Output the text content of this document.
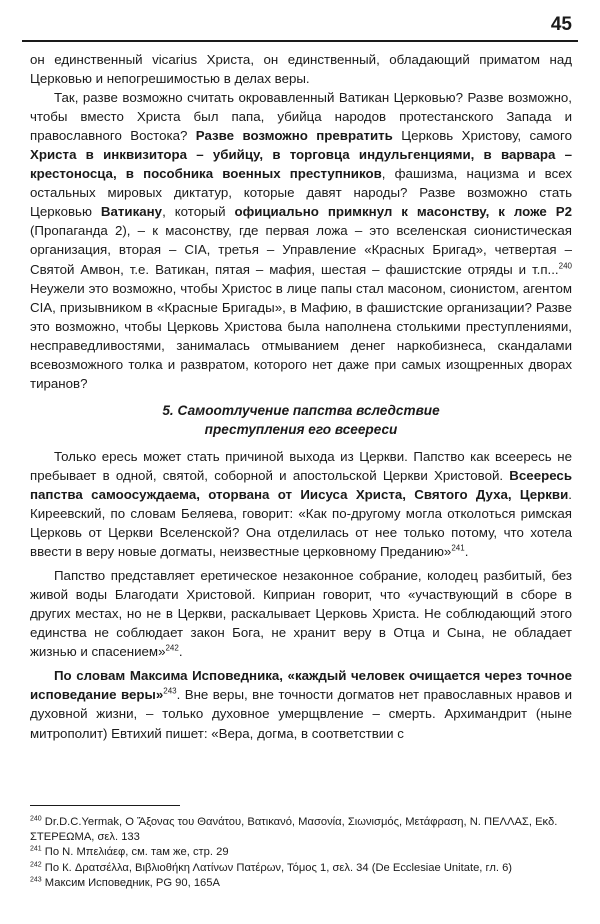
45

он единственный vicarius Христа, он единственный, обладающий приматом над Церковью и непогрешимостью в делах веры.

Так, разве возможно считать окровавленный Ватикан Церковью? Разве возможно, чтобы вместо Христа был папа, убийца народов протестанского Запада и православного Востока? Разве возможно превратить Церковь Христову, самого Христа в инквизитора – убийцу, в торговца индульгенциями, в варвара – крестоносца, в пособника военных преступников, фашизма, нацизма и всех остальных мировых диктатур, которые давят народы? Разве возможно стать Церковью Ватикану, который официально примкнул к масонству, к ложе Р2 (Пропаганда 2), – к масонству, где первая ложа – это вселенская сионистическая организация, вторая – CIA, третья – Управление «Красных Бригад», четвертая – Святой Амвон, т.е. Ватикан, пятая – мафия, шестая – фашистские отряды и т.п...$^{240}$ Неужели это возможно, чтобы Христос в лице папы стал масоном, сионистом, агентом CIA, призывником в «Красные Бригады», в Мафию, в фашистские организации? Разве это возможно, чтобы Церковь Христова была наполнена столькими преступлениями, несправедливостями, занималась отмыванием денег наркобизнеса, скандалами всевозможного толка и развратом, которого нет даже при самых изощренных дворах тиранов?

5. Самоотлучение папства вследствие
преступления его всеереси

Только ересь может стать причиной выхода из Церкви. Папство как всеересь не пребывает в одной, святой, соборной и апостольской Церкви Христовой. Всеересь папства самоосуждаема, оторвана от Иисуса Христа, Святого Духа, Церкви. Киреевский, по словам Беляева, говорит: «Как по-другому могла отколоться римская Церковь от Церкви Вселенской? Она отделилась от нее только потому, что хотела ввести в веру новые догматы, неизвестные церковному Преданию»$^{241}$.

Папство представляет еретическое незаконное собрание, колодец разбитый, без живой воды Благодати Христовой. Киприан говорит, что «участвующий в сборе в других местах, но не в Церкви, раскалывает Церковь Христа. Не соблюдающий этого единства не соблюдает закон Бога, не хранит веру в Отца и Сына, не обладает жизнью и спасением»$^{242}$.

По словам Максима Исповедника, «каждый человек очищается через точное исповедание веры»$^{243}$. Вне веры, вне точности догматов нет православных нравов и духовной жизни, – только духовное умерщвление – смерть. Архимандрит (ныне митрополит) Евтихий пишет: «Вера, догма, в соответствии с

$^{240}$ Dr.D.C.Yermak, Ο Ἄξονας του Θανάτου, Βατικανό, Μασονία, Σιωνισμός, Μετάφραση, Ν. ΠΕΛΛΑΣ, Εκδ. ΣΤΕΡΕΩΜΑ, σελ. 133

$^{241}$ По Ν. Μπελιάεφ, см. там же, стр. 29

$^{242}$ По К. Δρατσέλλα, Βιβλιοθήκη Λατίνων Πατέρων, Τόμος 1, σελ. 34 (De Ecclesiae Unitate, гл. 6)

$^{243}$ Максим Исповедник, PG 90, 165A
